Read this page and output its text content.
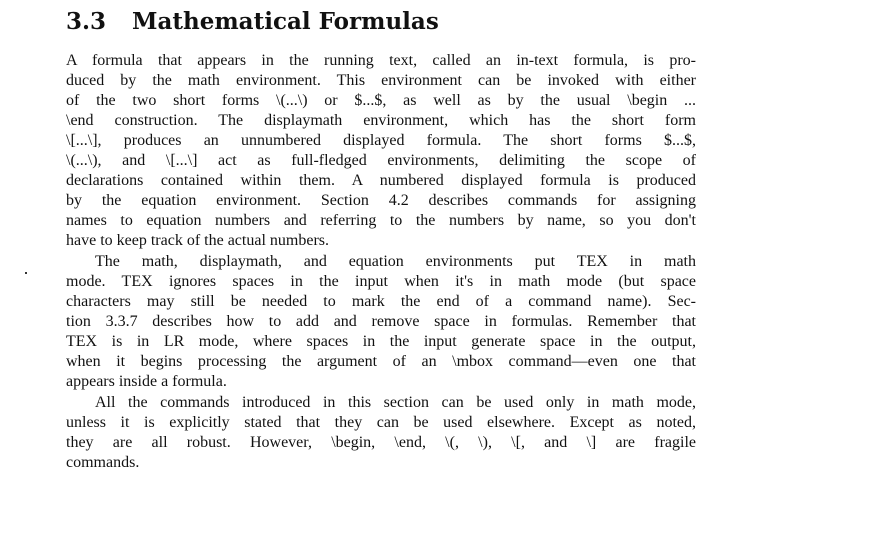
3.3 Mathematical Formulas
A formula that appears in the running text, called an in-text formula, is pro-
duced by the math environment. This environment can be invoked with either
of the two short forms \(...\) or $...$, as well as by the usual \begin ...
\end construction. The displaymath environment, which has the short form
\[...\], produces an unnumbered displayed formula. The short forms $...$,
\(...\), and \[...\] act as full-fledged environments, delimiting the scope of
declarations contained within them. A numbered displayed formula is produced
by the equation environment. Section 4.2 describes commands for assigning
names to equation numbers and referring to the numbers by name, so you don't
have to keep track of the actual numbers.
The math, displaymath, and equation environments put TEX in math
mode. TEX ignores spaces in the input when it's in math mode (but space
characters may still be needed to mark the end of a command name). Sec-
tion 3.3.7 describes how to add and remove space in formulas. Remember that
TEX is in LR mode, where spaces in the input generate space in the output,
when it begins processing the argument of an \mbox command—even one that
appears inside a formula.
All the commands introduced in this section can be used only in math mode,
unless it is explicitly stated that they can be used elsewhere. Except as noted,
they are all robust. However, \begin, \end, \(, \), \[, and \] are fragile
commands.
